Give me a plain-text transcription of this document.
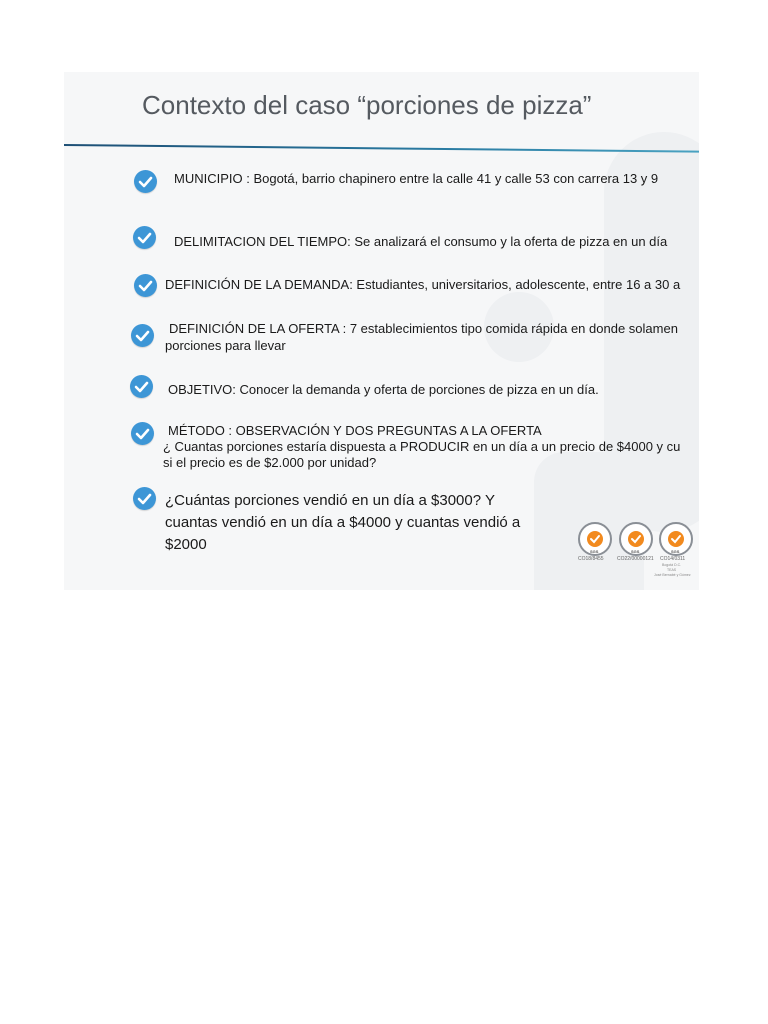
Contexto del caso “porciones de pizza”
MUNICIPIO : Bogotá, barrio chapinero entre la calle 41 y calle 53 con carrera 13 y 9
DELIMITACION DEL TIEMPO: Se analizará el consumo y la oferta de pizza en un día
DEFINICIÓN DE LA DEMANDA: Estudiantes, universitarios, adolescente, entre 16 a 30 a
DEFINICIÓN DE LA OFERTA : 7 establecimientos tipo comida rápida en donde solamen
porciones para llevar
OBJETIVO: Conocer la demanda y oferta de porciones de pizza en un día.
MÉTODO : OBSERVACIÓN Y DOS PREGUNTAS A LA OFERTA
¿ Cuantas porciones estaría dispuesta a PRODUCIR en un día a un precio de $4000 y cu
si el precio es de $2.000 por unidad?
¿Cuántas porciones vendió en un día a $3000? Y cuantas vendió en un día a $4000 y cuantas vendió a $2000	SGS
CO18/8455
SGS
CO22/00000121
SGS
CO14/0311
Bogotá D.C.
TEAS
José Bernabé y Gómez
